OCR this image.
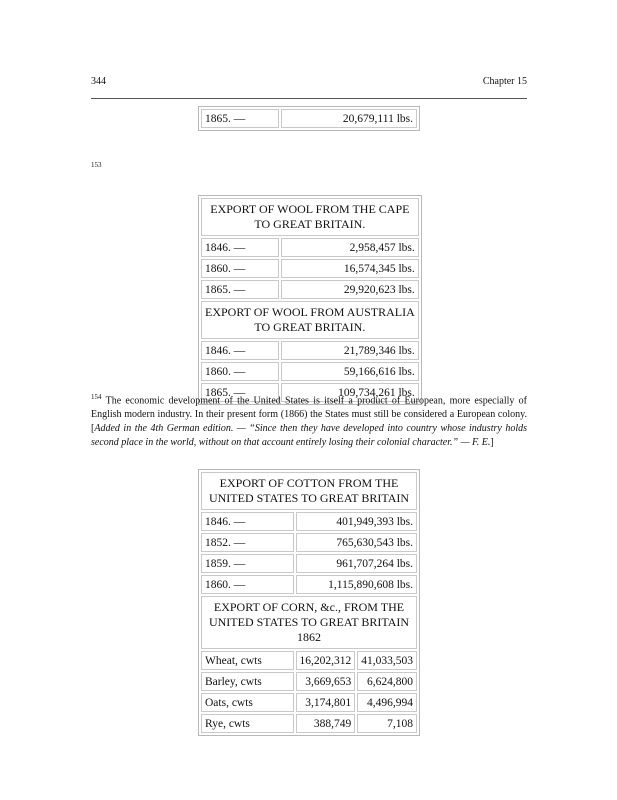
344	Chapter 15
1865. —	20,679,111 lbs.
153
EXPORT OF WOOL FROM THE CAPE
TO GREAT BRITAIN.	
1846. —	2,958,457 lbs.
1860. —	16,574,345 lbs.
1865. —	29,920,623 lbs.
EXPORT OF WOOL FROM AUSTRALIA
TO GREAT BRITAIN.	
1846. —	21,789,346 lbs.
1860. —	59,166,616 lbs.
1865. —	109,734,261 lbs.
$^{154}$ The economic development of the United States is itself a product of European, more especially of English modern industry. In their present form (1866) the States must still be considered a European colony. [Added in the 4th German edition. — “Since then they have developed into country whose industry holds second place in the world, without on that account entirely losing their colonial character.” — F. E.]
EXPORT OF COTTON FROM THE
UNITED STATES TO GREAT BRITAIN		
1846. —	401,949,393 lbs.	
1852. —	765,630,543 lbs.	
1859. —	961,707,264 lbs.	
1860. —	1,115,890,608 lbs.	
EXPORT OF CORN, &c., FROM THE
UNITED STATES TO GREAT BRITAIN
1862		
Wheat, cwts	16,202,312	41,033,503
Barley, cwts	3,669,653	6,624,800
Oats, cwts	3,174,801	4,496,994
Rye, cwts	388,749	7,108
